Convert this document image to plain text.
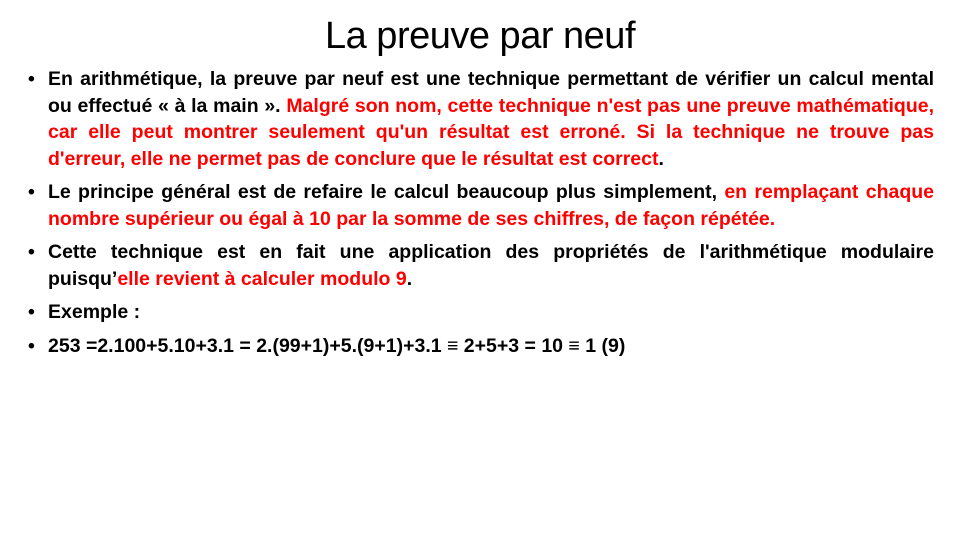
La preuve par neuf
• En arithmétique, la preuve par neuf est une technique permettant de vérifier un calcul mental ou effectué « à la main ». Malgré son nom, cette technique n'est pas une preuve mathématique, car elle peut montrer seulement qu'un résultat est erroné. Si la technique ne trouve pas d'erreur, elle ne permet pas de conclure que le résultat est correct.
• Le principe général est de refaire le calcul beaucoup plus simplement, en remplaçant chaque nombre supérieur ou égal à 10 par la somme de ses chiffres, de façon répétée.
• Cette technique est en fait une application des propriétés de l'arithmétique modulaire puisqu’elle revient à calculer modulo 9.
• Exemple :
• 253 =2.100+5.10+3.1 = 2.(99+1)+5.(9+1)+3.1 ≡ 2+5+3 = 10 ≡ 1 (9)
